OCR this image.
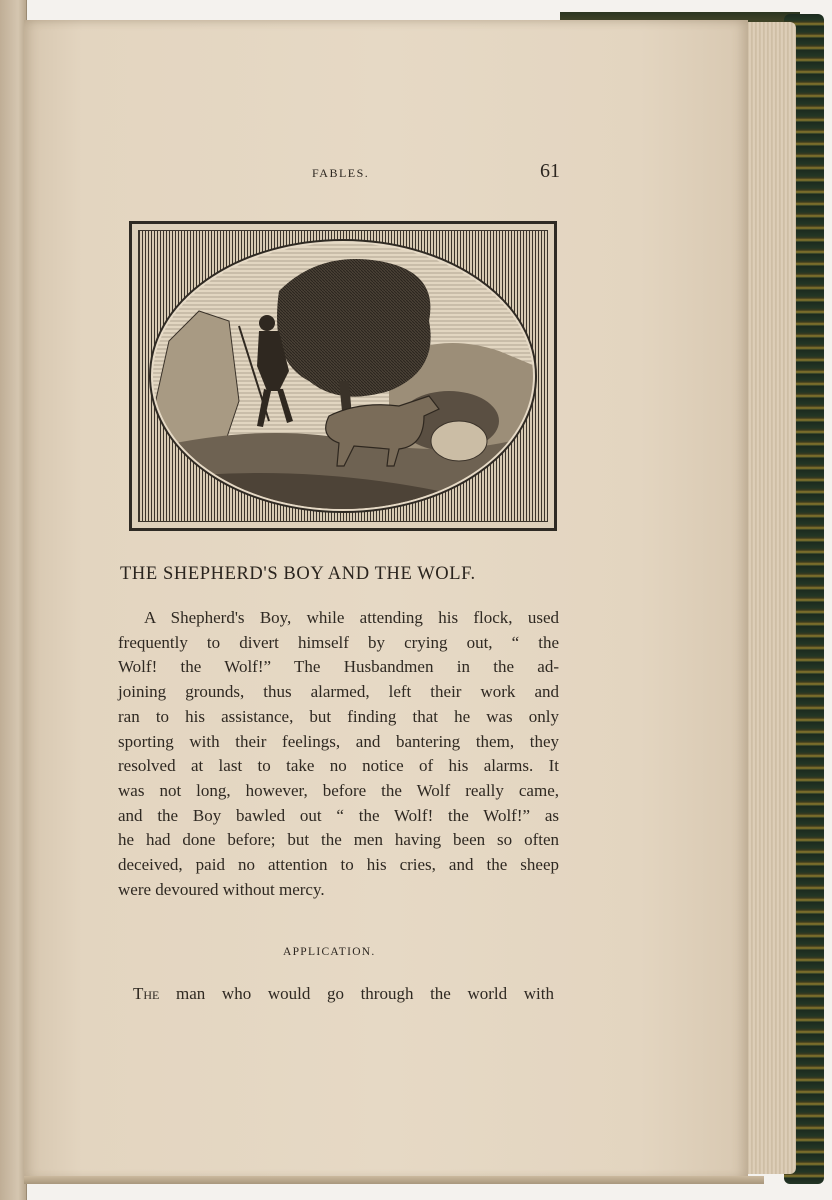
FABLES.	61
THE SHEPHERD'S BOY AND THE WOLF.
A Shepherd's Boy, while attending his flock, used
frequently to divert himself by crying out, “ the
Wolf! the Wolf!” The Husbandmen in the ad-
joining grounds, thus alarmed, left their work and
ran to his assistance, but finding that he was only
sporting with their feelings, and bantering them, they
resolved at last to take no notice of his alarms. It
was not long, however, before the Wolf really came,
and the Boy bawled out “ the Wolf! the Wolf!” as
he had done before; but the men having been so often
deceived, paid no attention to his cries, and the sheep
were devoured without mercy.
APPLICATION.
The man who would go through the world with
